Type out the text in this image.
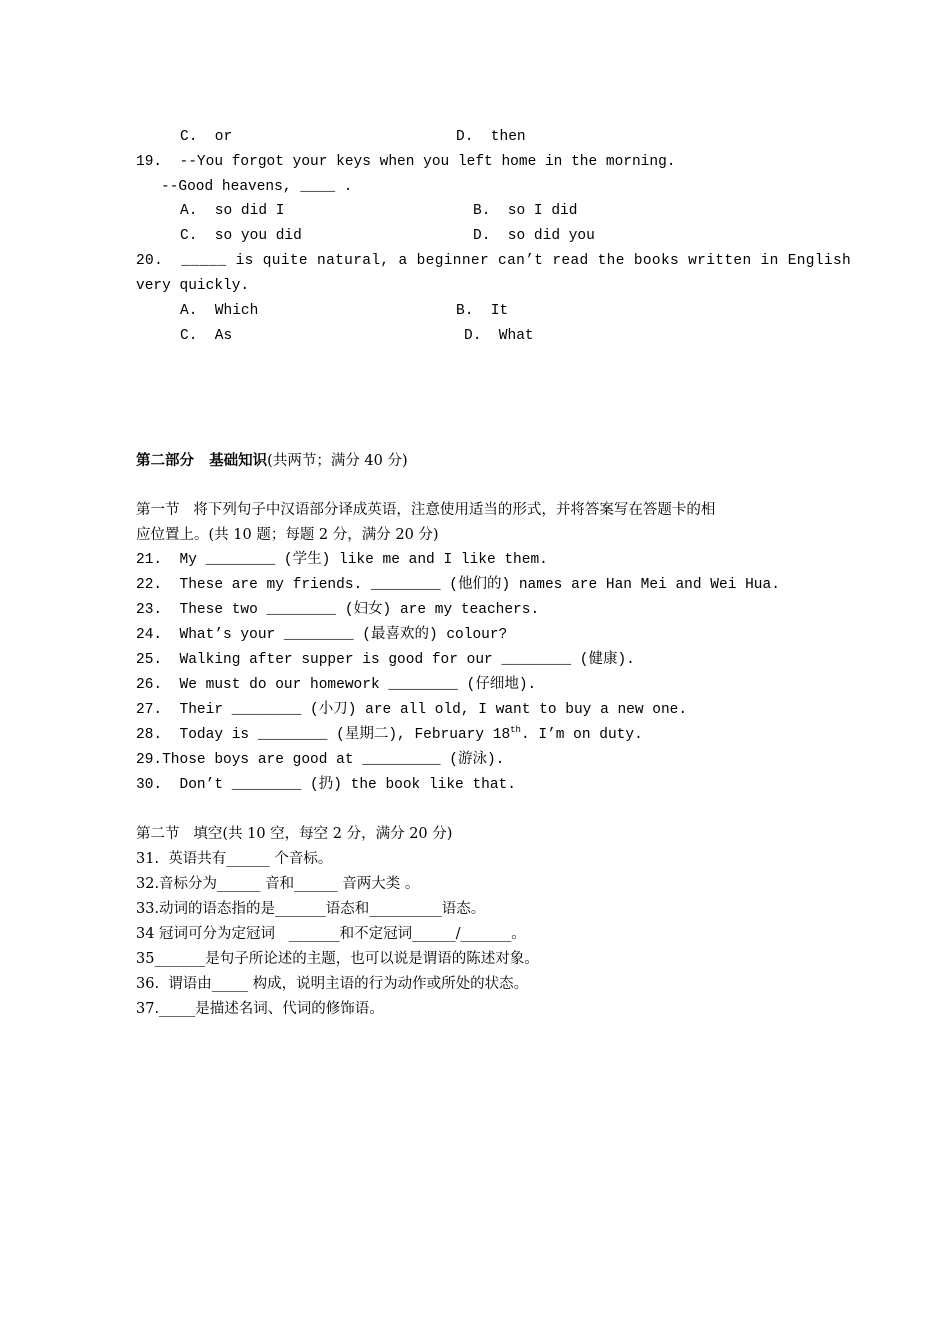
C.  or	D.  then
19.  --You forgot your keys when you left home in the morning.
--Good heavens, ____ .
A.  so did I	B.  so I did
C.  so you did	D.  so did you
20.  _____ is quite natural, a beginner can’t read the books written in English
very quickly.
A.  Which	B.  It
C.  As	D.  What
第二部分   基础知识(共两节；满分 40 分)
第一节   将下列句子中汉语部分译成英语，注意使用适当的形式，并将答案写在答题卡的相
应位置上。(共 10 题；每题 2 分，满分 20 分)
21.  My ________ (学生) like me and I like them.
22.  These are my friends. ________ (他们的) names are Han Mei and Wei Hua.
23.  These two ________ (妇女) are my teachers.
24.  What’s your ________ (最喜欢的) colour?
25.  Walking after supper is good for our ________ (健康).
26.  We must do our homework ________ (仔细地).
27.  Their ________ (小刀) are all old, I want to buy a new one.
28.  Today is ________ (星期二), February 18th. I’m on duty.
29.Those boys are good at _________ (游泳).
30.  Don’t ________ (扔) the book like that.
第二节   填空(共 10 空，每空 2 分，满分 20 分)
31.  英语共有______ 个音标。
32.音标分为______ 音和______ 音两大类 。
33.动词的语态指的是_______语态和__________语态。
34 冠词可分为定冠词   _______和不定冠词______/_______。
35_______是句子所论述的主题，也可以说是谓语的陈述对象。
36.  谓语由_____ 构成，说明主语的行为动作或所处的状态。
37._____是描述名词、代词的修饰语。
